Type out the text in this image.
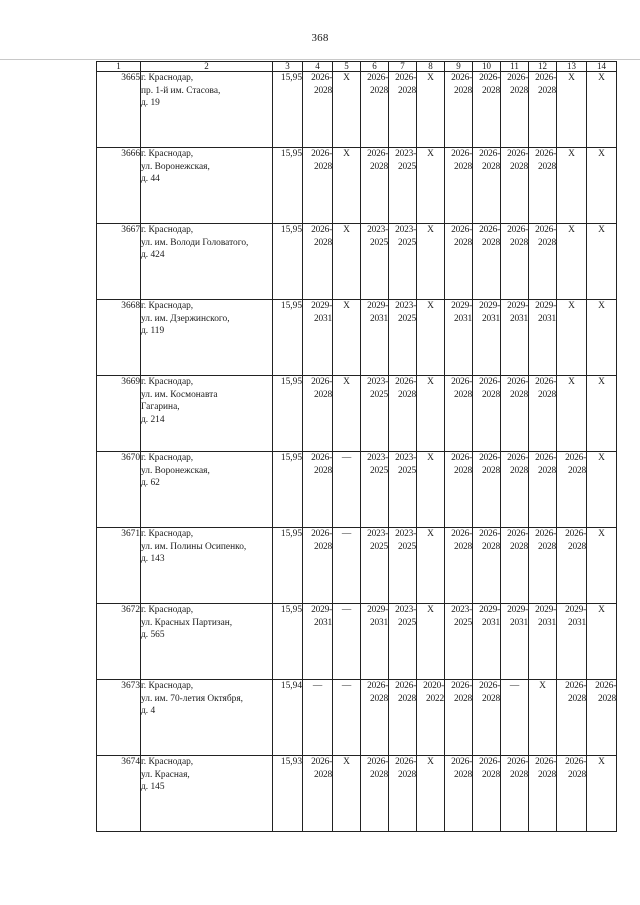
368
1	2	3	4	5	6	7	8	9	10	11	12	13	14
3665	г. Краснодар,
пр. 1-й им. Стасова,
д. 19	15,95	2026-
2028	Х	2026-
2028	2026-
2028	Х	2026-
2028	2026-
2028	2026-
2028	2026-
2028	Х	Х
3666	г. Краснодар,
ул. Воронежская,
д. 44	15,95	2026-
2028	Х	2026-
2028	2023-
2025	Х	2026-
2028	2026-
2028	2026-
2028	2026-
2028	Х	Х
3667	г. Краснодар,
ул. им. Володи Головатого,
д. 424	15,95	2026-
2028	Х	2023-
2025	2023-
2025	Х	2026-
2028	2026-
2028	2026-
2028	2026-
2028	Х	Х
3668	г. Краснодар,
ул. им. Дзержинского,
д. 119	15,95	2029-
2031	Х	2029-
2031	2023-
2025	Х	2029-
2031	2029-
2031	2029-
2031	2029-
2031	Х	Х
3669	г. Краснодар,
ул. им. Космонавта
Гагарина,
д. 214	15,95	2026-
2028	Х	2023-
2025	2026-
2028	Х	2026-
2028	2026-
2028	2026-
2028	2026-
2028	Х	Х
3670	г. Краснодар,
ул. Воронежская,
д. 62	15,95	2026-
2028	—	2023-
2025	2023-
2025	Х	2026-
2028	2026-
2028	2026-
2028	2026-
2028	2026-
2028	Х
3671	г. Краснодар,
ул. им. Полины Осипенко,
д. 143	15,95	2026-
2028	—	2023-
2025	2023-
2025	Х	2026-
2028	2026-
2028	2026-
2028	2026-
2028	2026-
2028	Х
3672	г. Краснодар,
ул. Красных Партизан,
д. 565	15,95	2029-
2031	—	2029-
2031	2023-
2025	Х	2023-
2025	2029-
2031	2029-
2031	2029-
2031	2029-
2031	Х
3673	г. Краснодар,
ул. им. 70-летия Октября,
д. 4	15,94	—	—	2026-
2028	2026-
2028	2020-
2022	2026-
2028	2026-
2028	—	Х	2026-
2028	2026-
2028
3674	г. Краснодар,
ул. Красная,
д. 145	15,93	2026-
2028	Х	2026-
2028	2026-
2028	Х	2026-
2028	2026-
2028	2026-
2028	2026-
2028	2026-
2028	Х
